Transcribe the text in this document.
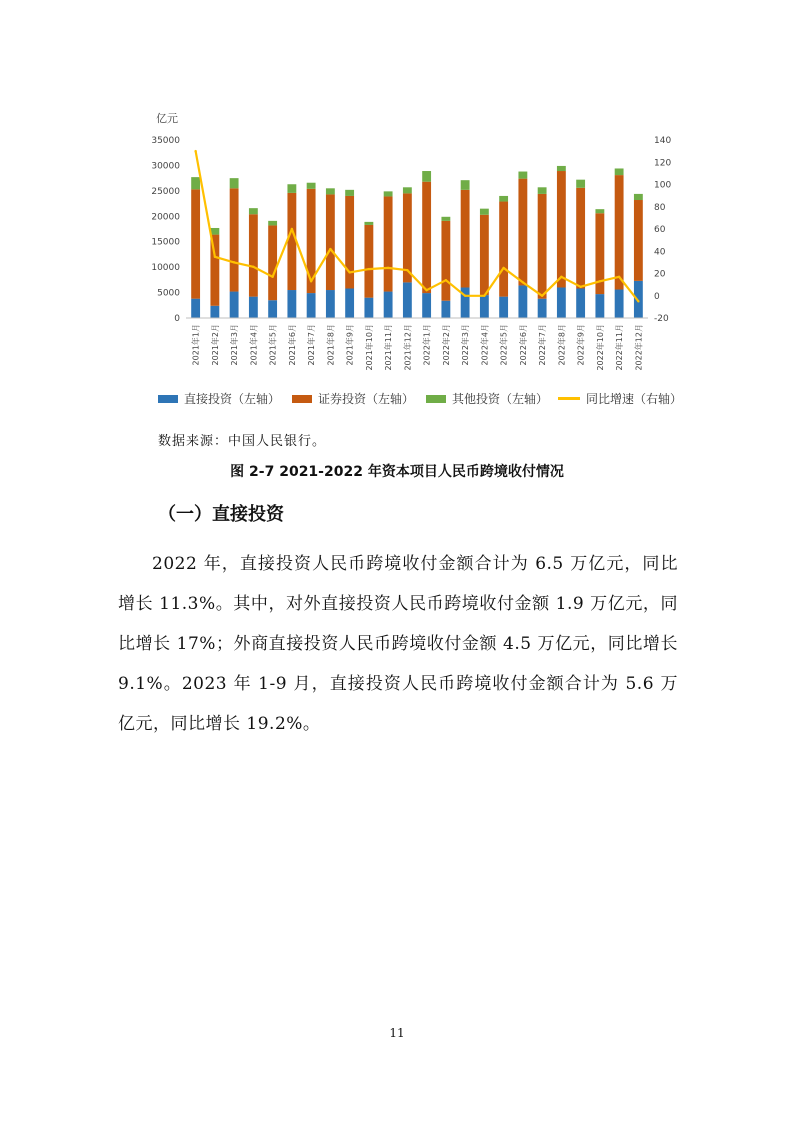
亿元
0
5000
10000
15000
20000
25000
30000
35000
-20
0
20
40
60
80
100
120
140
2021年1月 2021年2月 2021年3月 2021年4月 2021年5月 2021年6月 2021年7月 2021年8月 2021年9月 2021年10月 2021年11月 2021年12月 2022年1月 2022年2月 2022年3月 2022年4月 2022年5月 2022年6月 2022年7月 2022年8月 2022年9月 2022年10月 2022年11月 2022年12月
直接投资（左轴）	证券投资（左轴）	其他投资（左轴）	同比增速（右轴）
数据来源：中国人民银行。
图 2-7 2021-2022 年资本项目人民币跨境收付情况
（一）直接投资
2022 年，直接投资人民币跨境收付金额合计为 6.5 万亿元，同比增长 11.3%。其中，对外直接投资人民币跨境收付金额 1.9 万亿元，同比增长 17%；外商直接投资人民币跨境收付金额 4.5 万亿元，同比增长 9.1%。2023 年 1-9 月，直接投资人民币跨境收付金额合计为 5.6 万亿元，同比增长 19.2%。
11
